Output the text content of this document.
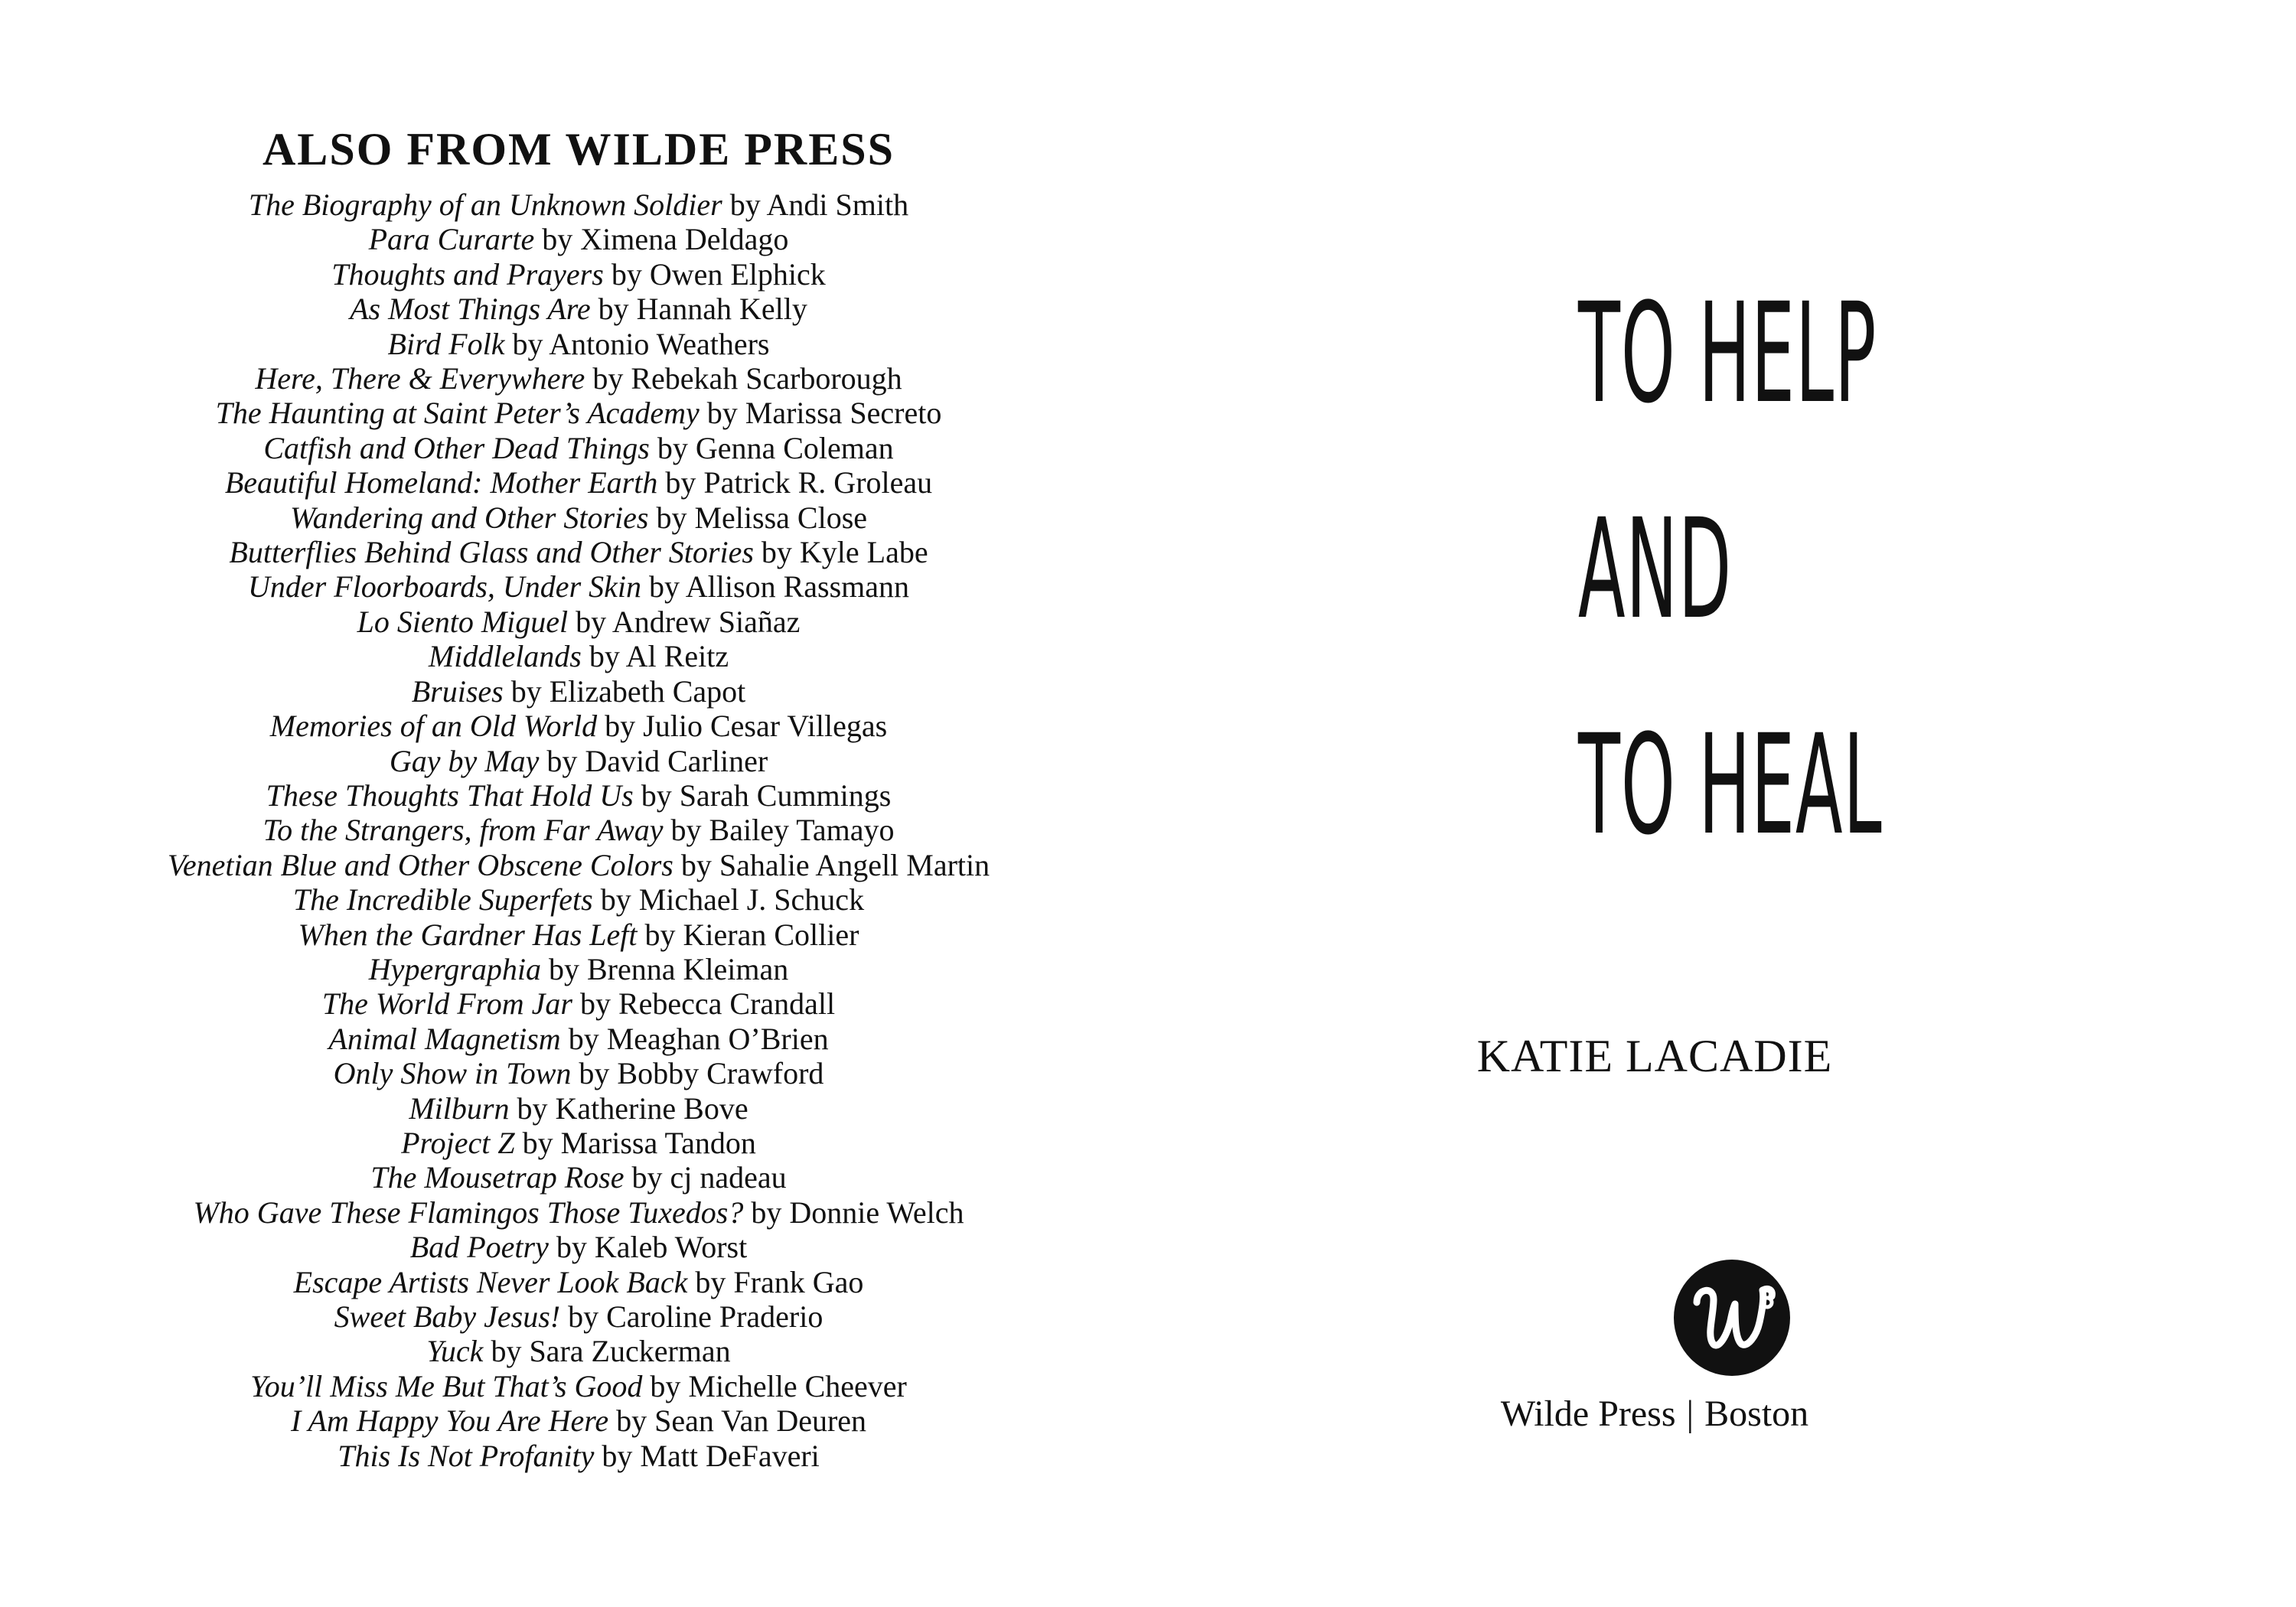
ALSO FROM WILDE PRESS
The Biography of an Unknown Soldier by Andi Smith
Para Curarte by Ximena Deldago
Thoughts and Prayers by Owen Elphick
As Most Things Are by Hannah Kelly
Bird Folk by Antonio Weathers
Here, There & Everywhere by Rebekah Scarborough
The Haunting at Saint Peter’s Academy by Marissa Secreto
Catfish and Other Dead Things by Genna Coleman
Beautiful Homeland: Mother Earth by Patrick R. Groleau
Wandering and Other Stories by Melissa Close
Butterflies Behind Glass and Other Stories by Kyle Labe
Under Floorboards, Under Skin by Allison Rassmann
Lo Siento Miguel by Andrew Siañaz
Middlelands by Al Reitz
Bruises by Elizabeth Capot
Memories of an Old World by Julio Cesar Villegas
Gay by May by David Carliner
These Thoughts That Hold Us by Sarah Cummings
To the Strangers, from Far Away by Bailey Tamayo
Venetian Blue and Other Obscene Colors by Sahalie Angell Martin
The Incredible Superfets by Michael J. Schuck
When the Gardner Has Left by Kieran Collier
Hypergraphia by Brenna Kleiman
The World From Jar by Rebecca Crandall
Animal Magnetism by Meaghan O’Brien
Only Show in Town by Bobby Crawford
Milburn by Katherine Bove
Project Z by Marissa Tandon
The Mousetrap Rose by cj nadeau
Who Gave These Flamingos Those Tuxedos? by Donnie Welch
Bad Poetry by Kaleb Worst
Escape Artists Never Look Back by Frank Gao
Sweet Baby Jesus! by Caroline Praderio
Yuck by Sara Zuckerman
You’ll Miss Me But That’s Good by Michelle Cheever
I Am Happy You Are Here by Sean Van Deuren
This Is Not Profanity by Matt DeFaveri
TO HELP
AND
TO HEAL

KATIE LACADIE

Wilde Press | Boston
